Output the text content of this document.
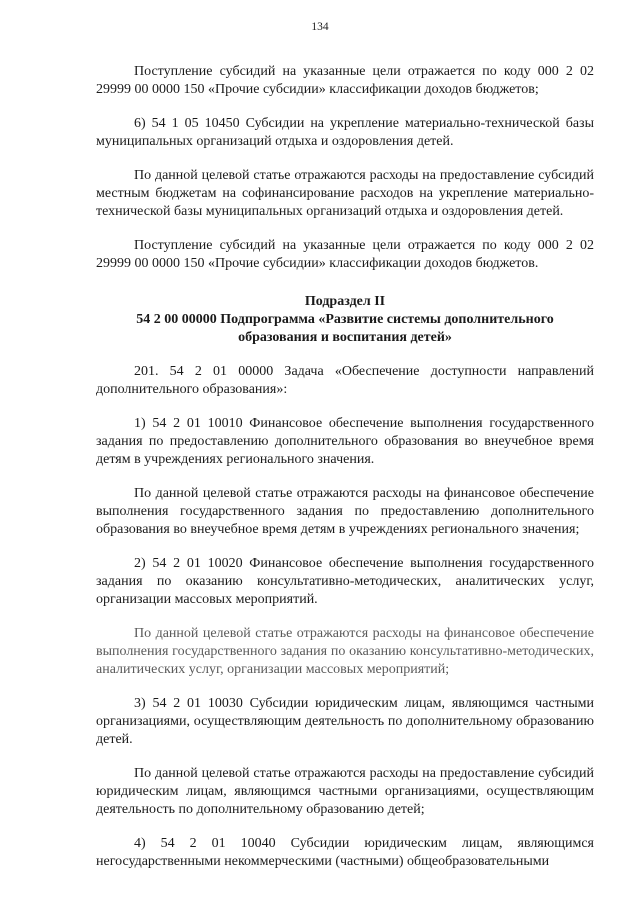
134

Поступление субсидий на указанные цели отражается по коду 000 2 02 29999 00 0000 150 «Прочие субсидии» классификации доходов бюджетов;

6) 54 1 05 10450 Субсидии на укрепление материально-технической базы муниципальных организаций отдыха и оздоровления детей.

По данной целевой статье отражаются расходы на предоставление субсидий местным бюджетам на софинансирование расходов на укрепление материально-технической базы муниципальных организаций отдыха и оздоровления детей.

Поступление субсидий на указанные цели отражается по коду 000 2 02 29999 00 0000 150 «Прочие субсидии» классификации доходов бюджетов.

Подраздел II
54 2 00 00000 Подпрограмма «Развитие системы дополнительного
образования и воспитания детей»

201. 54 2 01 00000 Задача «Обеспечение доступности направлений дополнительного образования»:

1) 54 2 01 10010 Финансовое обеспечение выполнения государственного задания по предоставлению дополнительного образования во внеучебное время детям в учреждениях регионального значения.

По данной целевой статье отражаются расходы на финансовое обеспечение выполнения государственного задания по предоставлению дополнительного образования во внеучебное время детям в учреждениях регионального значения;

2) 54 2 01 10020 Финансовое обеспечение выполнения государственного задания по оказанию консультативно-методических, аналитических услуг, организации массовых мероприятий.

По данной целевой статье отражаются расходы на финансовое обеспечение выполнения государственного задания по оказанию консультативно-методических, аналитических услуг, организации массовых мероприятий;

3) 54 2 01 10030 Субсидии юридическим лицам, являющимся частными организациями, осуществляющим деятельность по дополнительному образованию детей.

По данной целевой статье отражаются расходы на предоставление субсидий юридическим лицам, являющимся частными организациями, осуществляющим деятельность по дополнительному образованию детей;

4) 54 2 01 10040 Субсидии юридическим лицам, являющимся негосударственными некоммерческими (частными) общеобразовательными
